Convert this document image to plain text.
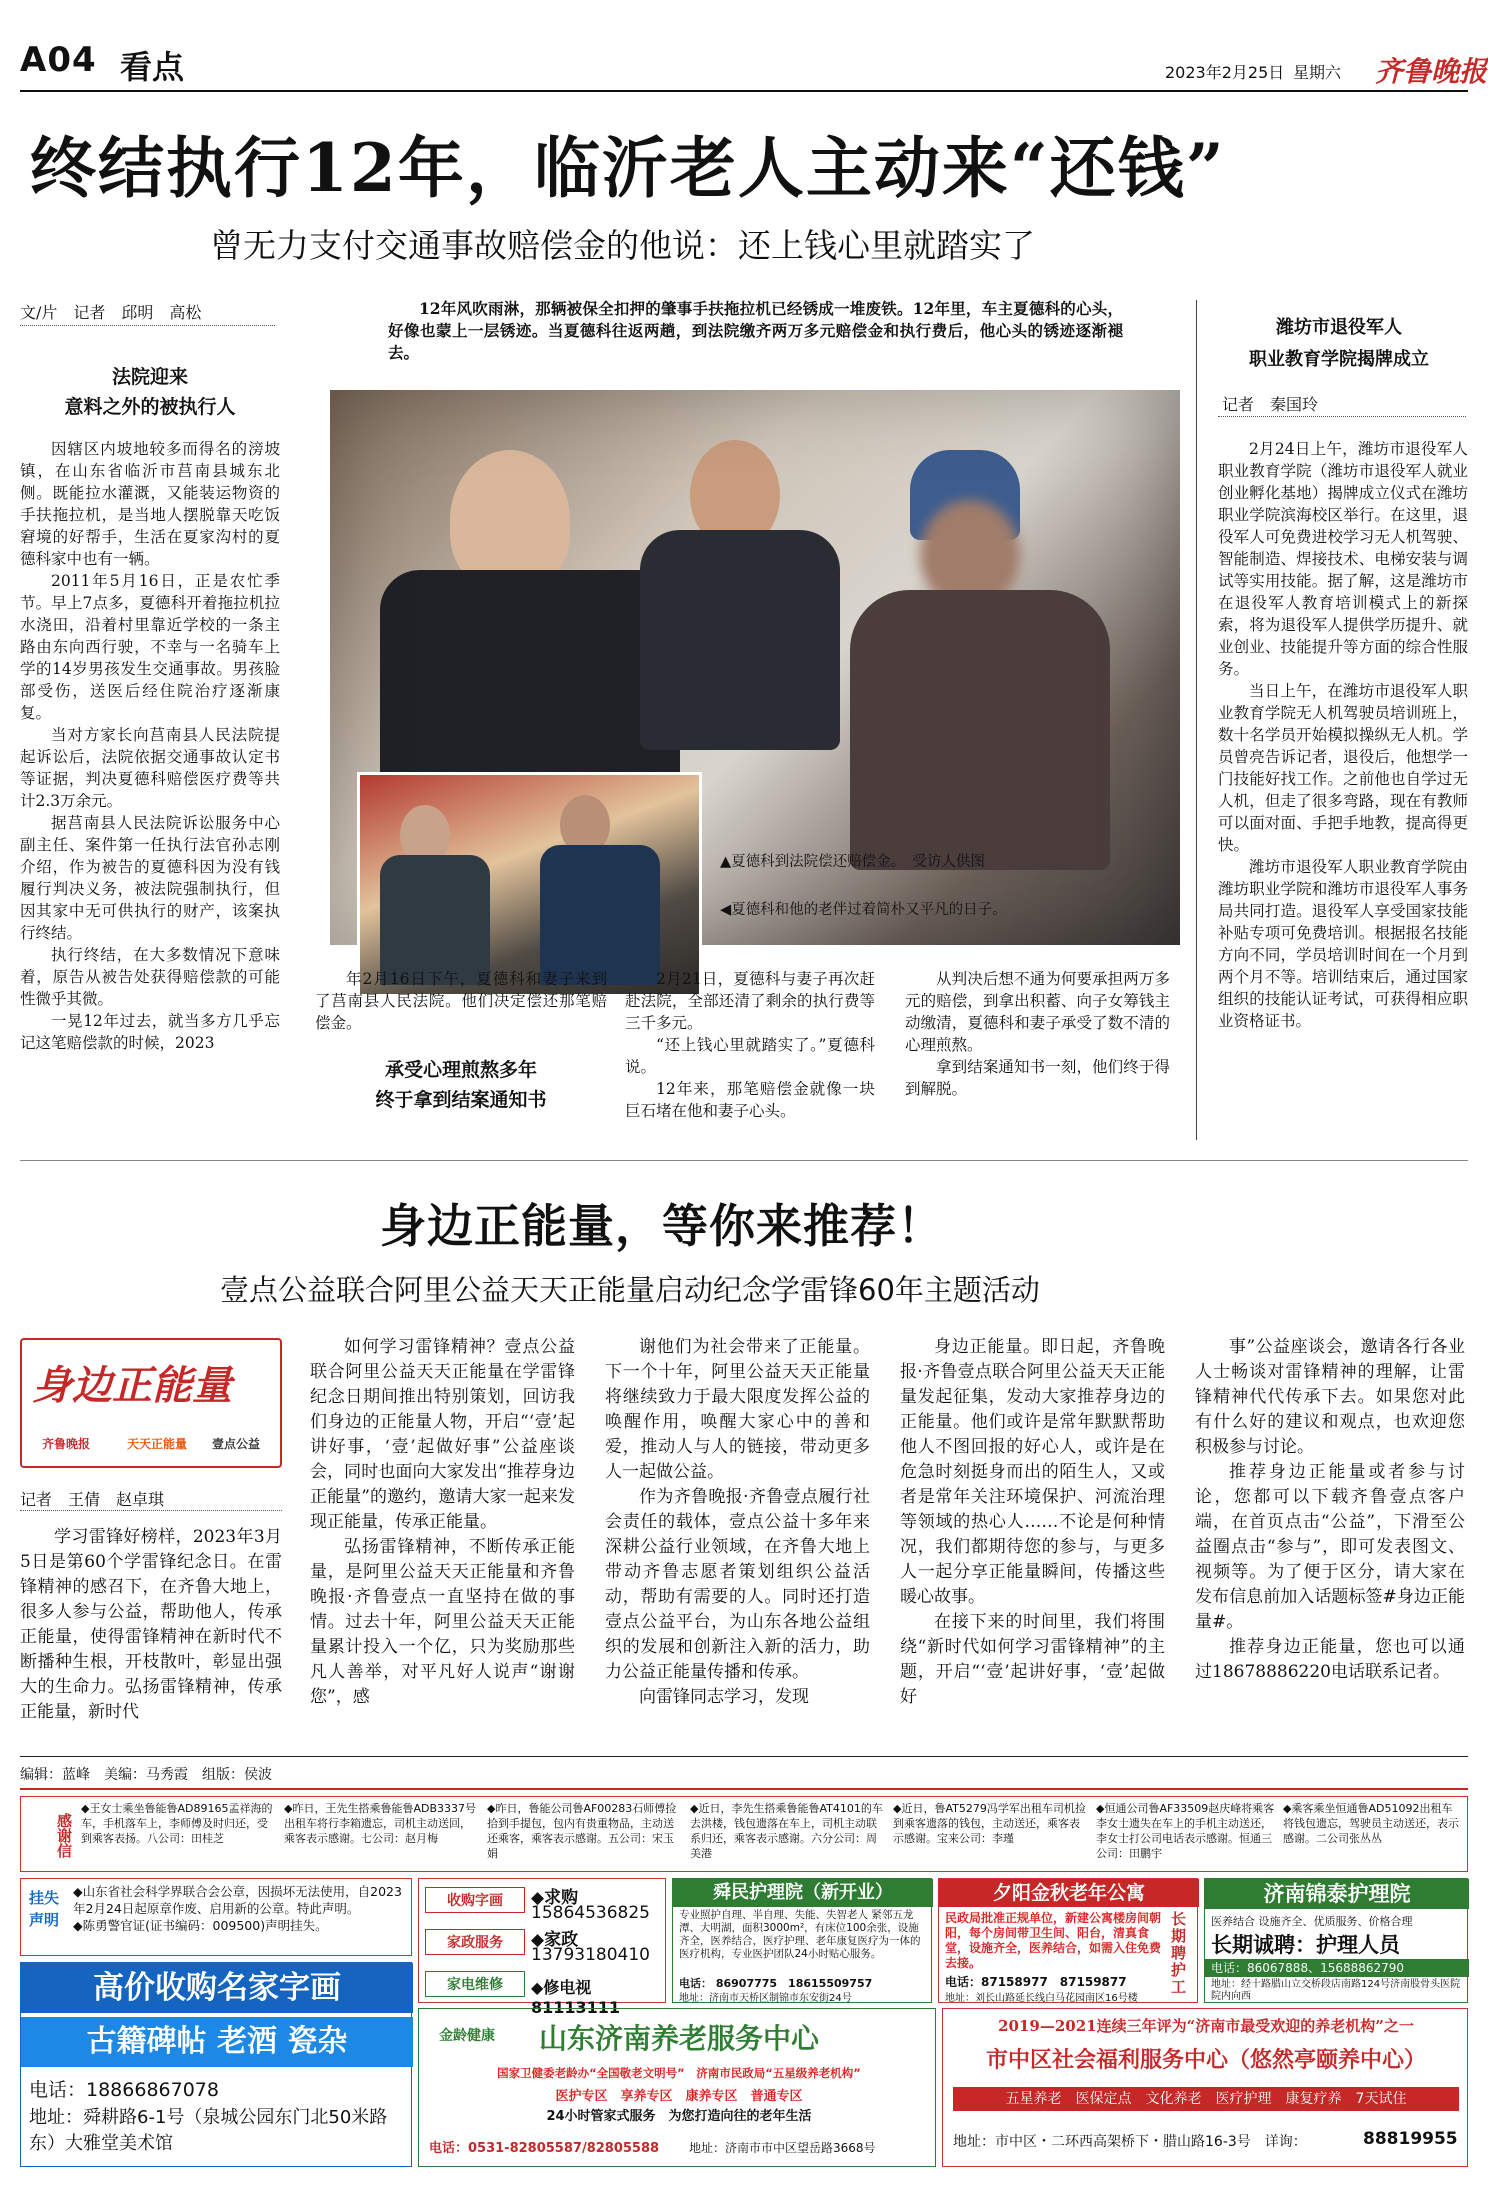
A04 看点	2023年2月25日 星期六 齐鲁晚报
终结执行12年，临沂老人主动来“还钱”
曾无力支付交通事故赔偿金的他说：还上钱心里就踏实了
文/片　记者　邱明　高松
法院迎来
意料之外的被执行人

因辖区内坡地较多而得名的滂坡镇，在山东省临沂市莒南县城东北侧。既能拉水灌溉，又能装运物资的手扶拖拉机，是当地人摆脱靠天吃饭窘境的好帮手，生活在夏家沟村的夏德科家中也有一辆。

2011年5月16日，正是农忙季节。早上7点多，夏德科开着拖拉机拉水浇田，沿着村里靠近学校的一条主路由东向西行驶，不幸与一名骑车上学的14岁男孩发生交通事故。男孩脸部受伤，送医后经住院治疗逐渐康复。

当对方家长向莒南县人民法院提起诉讼后，法院依据交通事故认定书等证据，判决夏德科赔偿医疗费等共计2.3万余元。

据莒南县人民法院诉讼服务中心副主任、案件第一任执行法官孙志刚介绍，作为被告的夏德科因为没有钱履行判决义务，被法院强制执行，但因其家中无可供执行的财产，该案执行终结。

执行终结，在大多数情况下意味着，原告从被告处获得赔偿款的可能性微乎其微。

一晃12年过去，就当多方几乎忘记这笔赔偿款的时候，2023

12年风吹雨淋，那辆被保全扣押的肇事手扶拖拉机已经锈成一堆废铁。12年里，车主夏德科的心头，好像也蒙上一层锈迹。当夏德科往返两趟，到法院缴齐两万多元赔偿金和执行费后，他心头的锈迹逐渐褪去。
▲夏德科到法院偿还赔偿金。　受访人供图
◀夏德科和他的老伴过着简朴又平凡的日子。

年2月16日下午，夏德科和妻子来到了莒南县人民法院。他们决定偿还那笔赔偿金。

承受心理煎熬多年
终于拿到结案通知书

2月21日，夏德科与妻子再次赶赴法院，全部还清了剩余的执行费等三千多元。

“还上钱心里就踏实了。”夏德科说。

12年来，那笔赔偿金就像一块巨石堵在他和妻子心头。

从判决后想不通为何要承担两万多元的赔偿，到拿出积蓄、向子女筹钱主动缴清，夏德科和妻子承受了数不清的心理煎熬。

拿到结案通知书一刻，他们终于得到解脱。

潍坊市退役军人
职业教育学院揭牌成立
记者　秦国玲

2月24日上午，潍坊市退役军人职业教育学院（潍坊市退役军人就业创业孵化基地）揭牌成立仪式在潍坊职业学院滨海校区举行。在这里，退役军人可免费进校学习无人机驾驶、智能制造、焊接技术、电梯安装与调试等实用技能。据了解，这是潍坊市在退役军人教育培训模式上的新探索，将为退役军人提供学历提升、就业创业、技能提升等方面的综合性服务。

当日上午，在潍坊市退役军人职业教育学院无人机驾驶员培训班上，数十名学员开始模拟操纵无人机。学员曾亮告诉记者，退役后，他想学一门技能好找工作。之前他也自学过无人机，但走了很多弯路，现在有教师可以面对面、手把手地教，提高得更快。

潍坊市退役军人职业教育学院由潍坊职业学院和潍坊市退役军人事务局共同打造。退役军人享受国家技能补贴专项可免费培训。根据报名技能方向不同，学员培训时间在一个月到两个月不等。培训结束后，通过国家组织的技能认证考试，可获得相应职业资格证书。

身边正能量，等你来推荐！
壹点公益联合阿里公益天天正能量启动纪念学雷锋60年主题活动
身边正能量
齐鲁晚报	天天正能量 壹点公益
记者　王倩　赵卓琪

学习雷锋好榜样，2023年3月5日是第60个学雷锋纪念日。在雷锋精神的感召下，在齐鲁大地上，很多人参与公益，帮助他人，传承正能量，使得雷锋精神在新时代不断播种生根，开枝散叶，彰显出强大的生命力。弘扬雷锋精神，传承正能量，新时代

如何学习雷锋精神？壹点公益联合阿里公益天天正能量在学雷锋纪念日期间推出特别策划，回访我们身边的正能量人物，开启“‘壹’起讲好事，‘壹’起做好事”公益座谈会，同时也面向大家发出“推荐身边正能量”的邀约，邀请大家一起来发现正能量，传承正能量。

弘扬雷锋精神，不断传承正能量，是阿里公益天天正能量和齐鲁晚报·齐鲁壹点一直坚持在做的事情。过去十年，阿里公益天天正能量累计投入一个亿，只为奖励那些凡人善举，对平凡好人说声“谢谢您”，感

谢他们为社会带来了正能量。下一个十年，阿里公益天天正能量将继续致力于最大限度发挥公益的唤醒作用，唤醒大家心中的善和爱，推动人与人的链接，带动更多人一起做公益。

作为齐鲁晚报·齐鲁壹点履行社会责任的载体，壹点公益十多年来深耕公益行业领域，在齐鲁大地上带动齐鲁志愿者策划组织公益活动，帮助有需要的人。同时还打造壹点公益平台，为山东各地公益组织的发展和创新注入新的活力，助力公益正能量传播和传承。

向雷锋同志学习，发现

身边正能量。即日起，齐鲁晚报·齐鲁壹点联合阿里公益天天正能量发起征集，发动大家推荐身边的正能量。他们或许是常年默默帮助他人不图回报的好心人，或许是在危急时刻挺身而出的陌生人，又或者是常年关注环境保护、河流治理等领域的热心人……不论是何种情况，我们都期待您的参与，与更多人一起分享正能量瞬间，传播这些暖心故事。

在接下来的时间里，我们将围绕“新时代如何学习雷锋精神”的主题，开启“‘壹’起讲好事，‘壹’起做好

事”公益座谈会，邀请各行各业人士畅谈对雷锋精神的理解，让雷锋精神代代传承下去。如果您对此有什么好的建议和观点，也欢迎您积极参与讨论。

推荐身边正能量或者参与讨论，您都可以下载齐鲁壹点客户端，在首页点击“公益”，下滑至公益圈点击“参与”，即可发表图文、视频等。为了便于区分，请大家在发布信息前加入话题标签#身边正能量#。

推荐身边正能量，您也可以通过18678886220电话联系记者。

编辑：蓝峰　美编：马秀霞　组版：侯波
感谢信
◆王女士乘坐鲁能鲁AD89165孟祥海的车，手机落车上，李师傅及时归还，受到乘客表扬。八公司：田桂芝
◆昨日，王先生搭乘鲁能鲁ADB3337号出租车将行李箱遗忘，司机主动送回，乘客表示感谢。七公司：赵月梅
◆昨日，鲁能公司鲁AF00283石师傅捡拾到手提包，包内有贵重物品，主动送还乘客，乘客表示感谢。五公司：宋玉娟
◆近日，李先生搭乘鲁能鲁AT4101的车去洪楼，钱包遗落在车上，司机主动联系归还，乘客表示感谢。六分公司：周美港
◆近日，鲁AT5279冯学军出租车司机捡到乘客遗落的钱包，主动送还，乘客表示感谢。宝来公司：李瑾
◆恒通公司鲁AF33509赵庆峰将乘客李女士遗失在车上的手机主动送还，李女士打公司电话表示感谢。恒通三公司：田鹏宇
◆乘客乘坐恒通鲁AD51092出租车将钱包遗忘，驾驶员主动送还，表示感谢。二公司张丛丛
挂失声明
◆山东省社会科学界联合会公章，因损坏无法使用，自2023年2月24日起原章作废、启用新的公章。特此声明。
◆陈勇警官证(证书编码：009500)声明挂失。
收购字画	◆求购
15864536825
家政服务	◆家政
13793180410
家电维修	◆修电视81113111
高价收购名家字画
古籍碑帖 老酒 瓷杂
电话：18866867078
地址：舜耕路6-1号（泉城公园东门北50米路东）大雅堂美术馆
舜民护理院（新开业）
专业照护自理、半自理、失能、失智老人 紧邻五龙潭、大明湖，面积3000m²，有床位100余张，设施齐全，医养结合，医疗护理、老年康复医疗为一体的医疗机构，专业医护团队24小时贴心服务。
电话： 86907775　18615509757
地址：济南市天桥区制锦市东安街24号
夕阳金秋老年公寓
民政局批准正规单位，新建公寓楼房间朝阳，每个房间带卫生间、阳台，清真食堂，设施齐全，医养结合，如需入住免费去接。
长期聘护工
电话：87158977　87159877
地址：刘长山路延长线白马花园南区16号楼
济南锦泰护理院
医养结合 设施齐全、优质服务、价格合理
长期诚聘：护理人员
电话：86067888、15688862790
地址：经十路腊山立交桥段店南路124号济南股骨头医院院内向西
金龄健康 山东济南养老服务中心
国家卫健委老龄办“全国敬老文明号”　济南市民政局“五星级养老机构”
医护专区　享养专区　康养专区　普通专区
24小时管家式服务　为您打造向往的老年生活
电话：0531-82805587/82805588 地址：济南市市中区望岳路3668号
2019—2021连续三年评为“济南市最受欢迎的养老机构”之一
市中区社会福利服务中心（悠然亭颐养中心）
五星养老　医保定点　文化养老　医疗护理　康复疗养　7天试住
地址：市中区・二环西高架桥下・腊山路16-3号　详询：	88819955
